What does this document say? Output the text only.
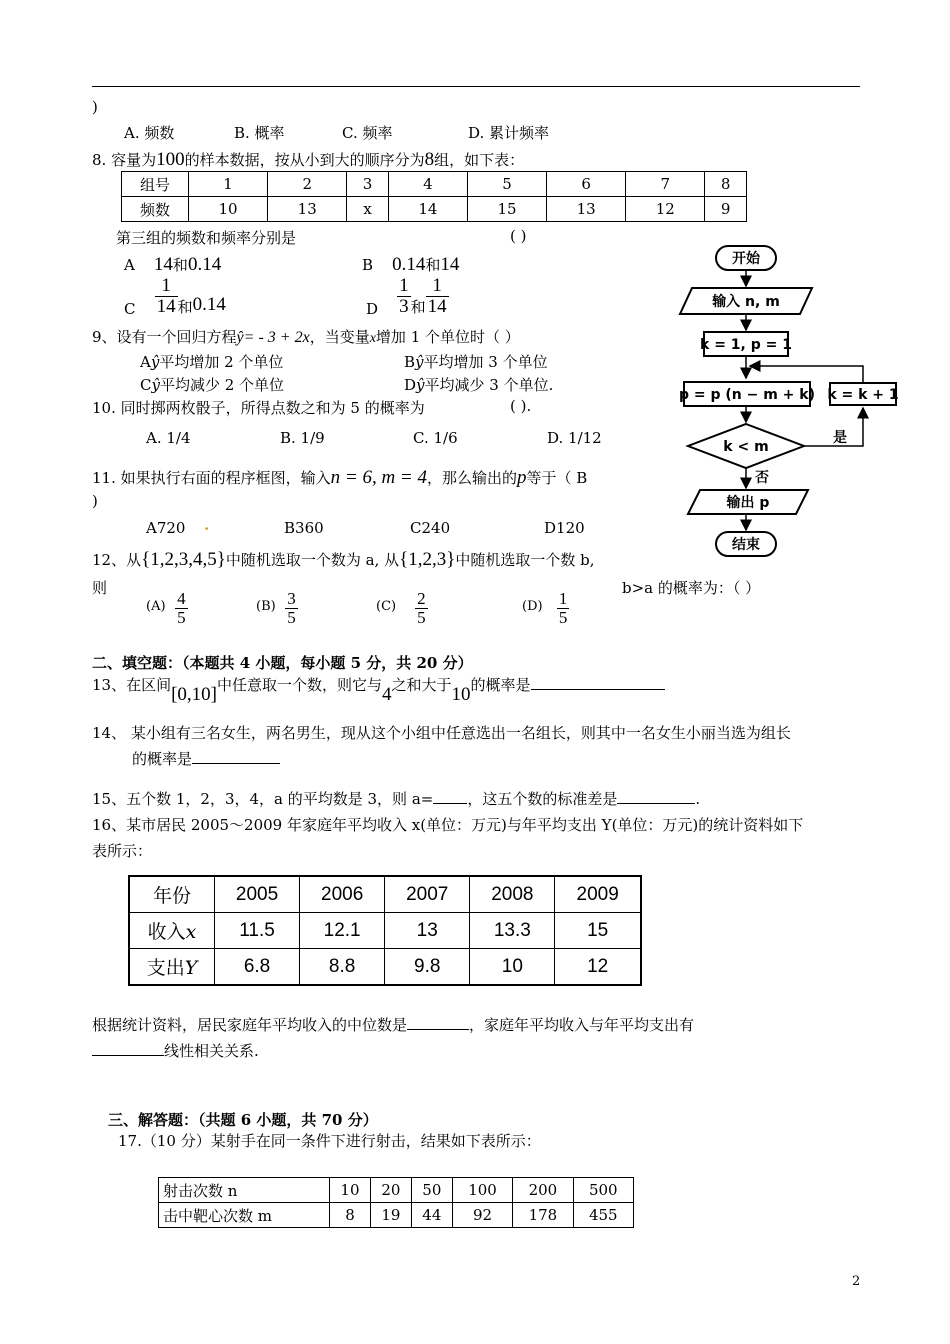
)
A. 频数	B. 概率	C. 频率	D. 累计频率
8. 容量为100的样本数据，按从小到大的顺序分为8组，如下表：
组号	1	2	3	4	5	6	7	8
频数	10	13	x	14	15	13	12	9
第三组的频数和频率分别是	( )
A 14和0.14	B 0.14和14
C $\frac{1}{14}$ 和0.14	D $\frac{1}{3}$ 和 $\frac{1}{14}$
9、设有一个回归方程ŷ= - 3 + 2x，当变量x增加 1 个单位时（ ）
Aŷ平均增加 2 个单位	Bŷ平均增加 3 个单位
Cŷ平均减少 2 个单位	Dŷ平均减少 3 个单位.
10. 同时掷两枚骰子，所得点数之和为 5 的概率为	( ).
A. 1/4	B. 1/9	C. 1/6	D. 1/12
11. 如果执行右面的程序框图，输入n = 6, m = 4，那么输出的p等于（ B
)
A720 .	B360	C240	D120
12、从{1,2,3,4,5}中随机选取一个数为 a, 从{1,2,3}中随机选取一个数 b,
则	b>a 的概率为：（ ）
$(A) \frac{4}{5}$	$(B) \frac{3}{5}$	$(C) \frac{2}{5}$	$(D) \frac{1}{5}$
二、填空题：（本题共 4 小题，每小题 5 分，共 20 分）
13、在区间[0,10]中任意取一个数，则它与4之和大于10的概率是
14、 某小组有三名女生，两名男生，现从这个小组中任意选出一名组长，则其中一名女生小丽当选为组长
的概率是
15、五个数 1，2，3，4，a 的平均数是 3，则 a= ，这五个数的标准差是	.
16、某市居民 2005～2009 年家庭年平均收入 x(单位：万元)与年平均支出 Y(单位：万元)的统计资料如下
表所示：
年份	2005	2006	2007	2008	2009
收入x	11.5	12.1	13	13.3	15
支出Y	6.8	8.8	9.8	10	12
根据统计资料，居民家庭年平均收入的中位数是	，家庭年平均收入与年平均支出有
线性相关关系.
三、解答题：（共题 6 小题，共 70 分）
17.（10 分）某射手在同一条件下进行射击，结果如下表所示：
射击次数 n	10	20	50	100	200	500
击中靶心次数 m	8	19	44	92	178	455
2
开始
输入 n, m
k = 1, p = 1
p = p (n − m + k) k = k + 1
k < m
是
否
输出 p
结束
